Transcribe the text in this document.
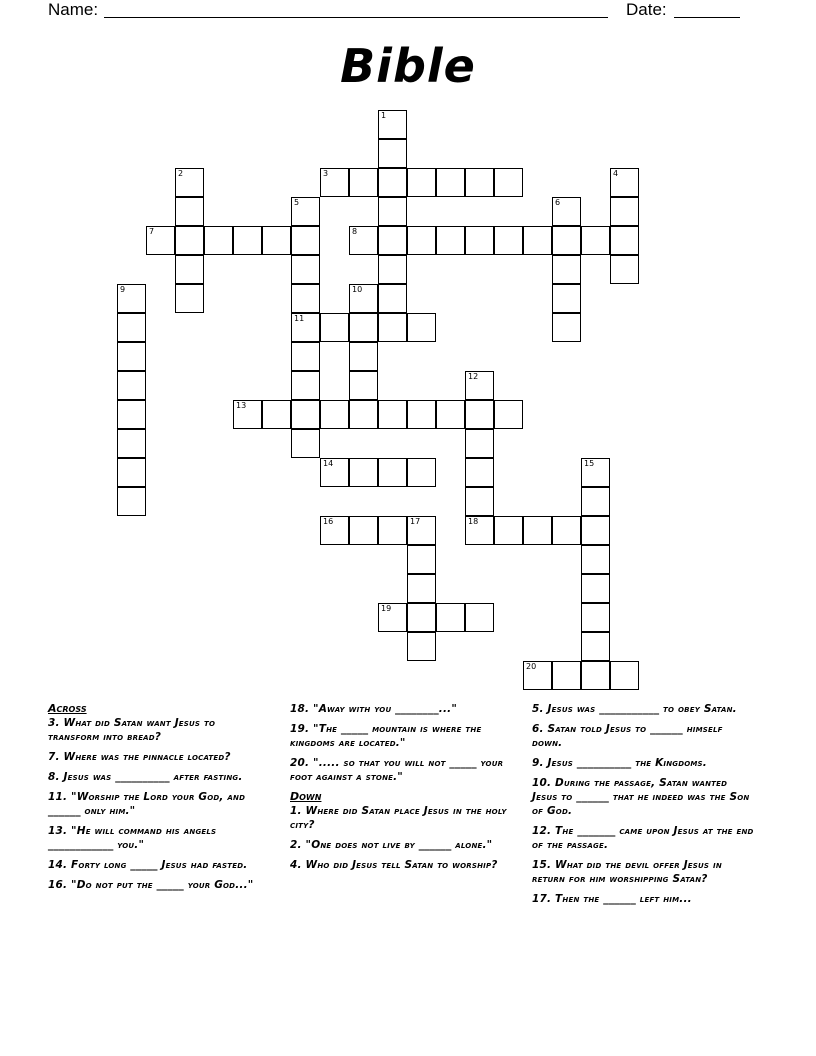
Name:	Date:
Bible
1
2	3	4
5
11
6
7	8
9	10
12
18
13
14	15
16	17
19
20
Across
3. What did Satan want Jesus to transform into bread?
7. Where was the pinnacle located?
8. Jesus was __________ after fasting.
11. "Worship the Lord your God, and ______ only him."
13. "He will command his angels ____________ you."
14. Forty long _____ Jesus had fasted.
16. "Do not put the _____ your God..."
18. "Away with you ________..."
19. "The _____ mountain is where the kingdoms are located."
20. "..... so that you will not _____ your foot against a stone."
Down
1. Where did Satan place Jesus in the holy city?
2. "One does not live by ______ alone."
4. Who did Jesus tell Satan to worship?
5. Jesus was ___________ to obey Satan.
6. Satan told Jesus to ______ himself down.
9. Jesus __________ the Kingdoms.
10. During the passage, Satan wanted Jesus to ______ that he indeed was the Son of God.
12. The _______ came upon Jesus at the end of the passage.
15. What did the devil offer Jesus in return for him worshipping Satan?
17. Then the ______ left him...
